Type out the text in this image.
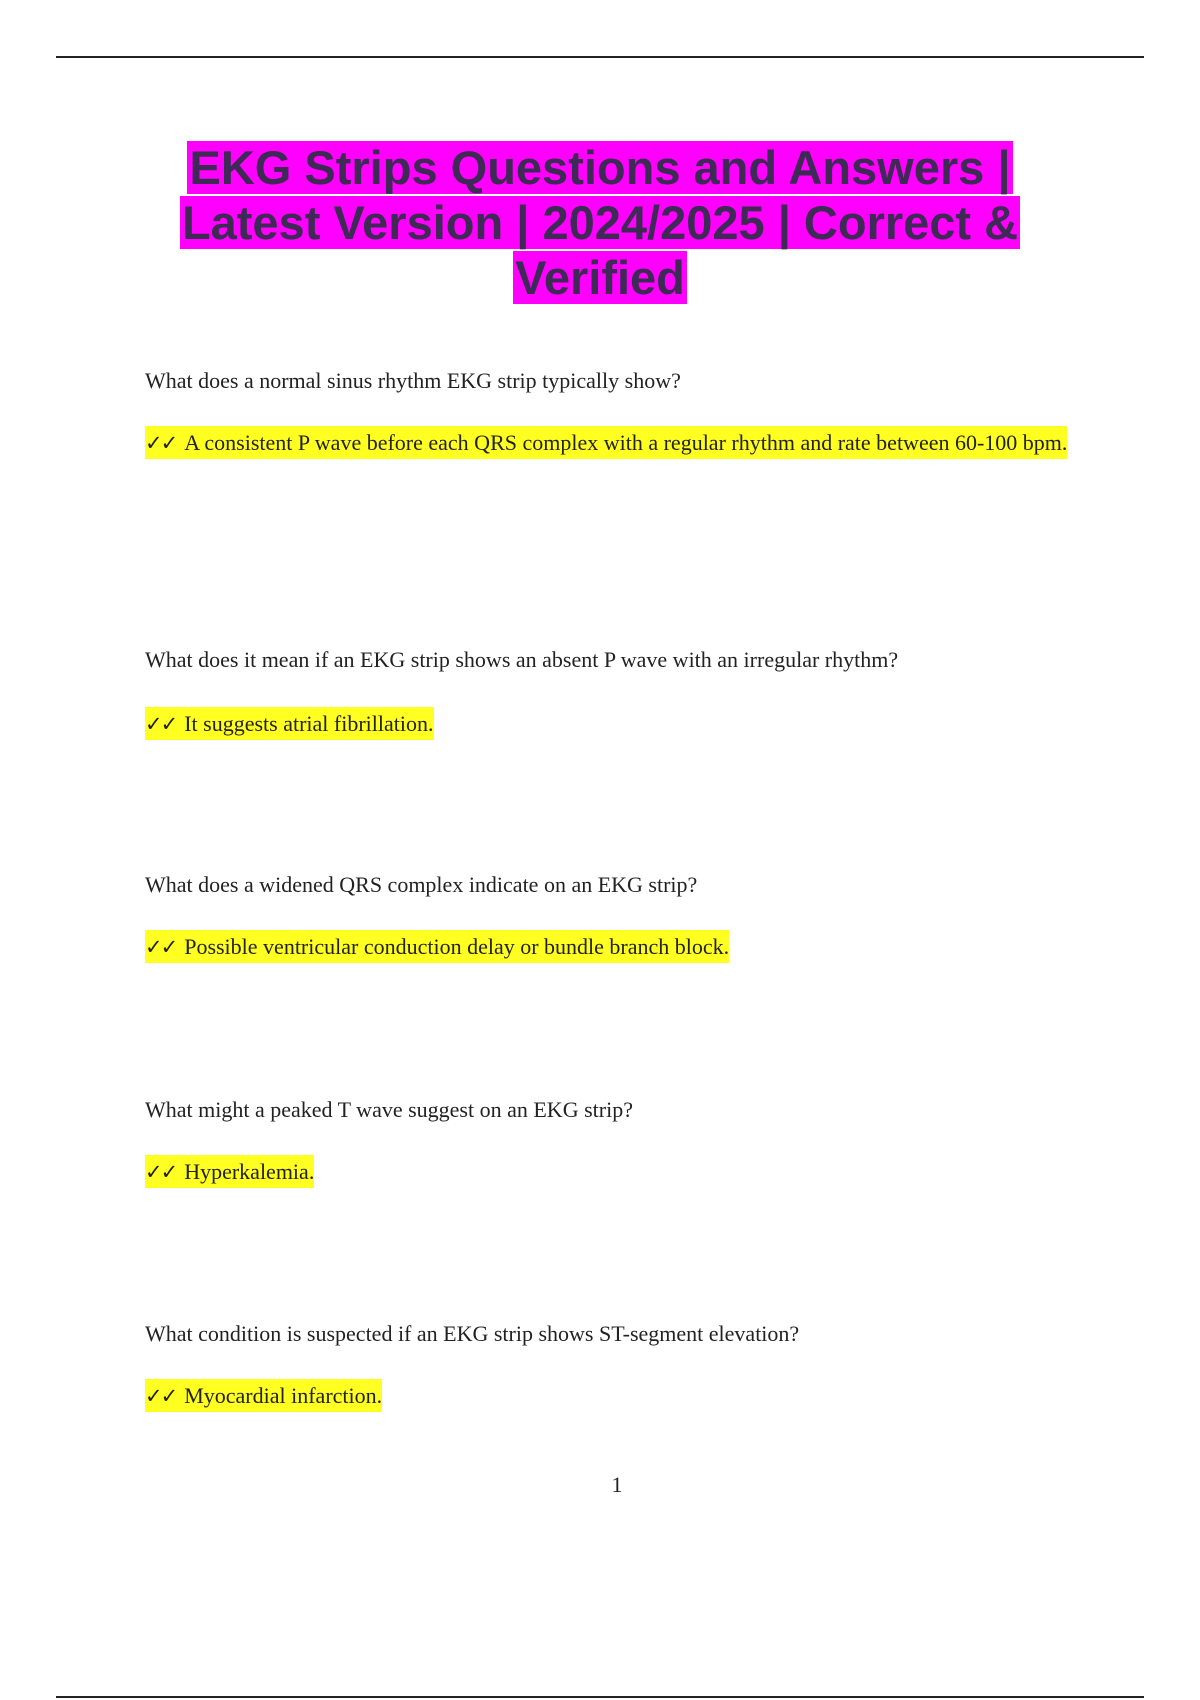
EKG Strips Questions and Answers | Latest Version | 2024/2025 | Correct & Verified

What does a normal sinus rhythm EKG strip typically show?

✓✓ A consistent P wave before each QRS complex with a regular rhythm and rate between 60-100 bpm.

What does it mean if an EKG strip shows an absent P wave with an irregular rhythm?

✓✓ It suggests atrial fibrillation.

What does a widened QRS complex indicate on an EKG strip?

✓✓ Possible ventricular conduction delay or bundle branch block.

What might a peaked T wave suggest on an EKG strip?

✓✓ Hyperkalemia.

What condition is suspected if an EKG strip shows ST-segment elevation?

✓✓ Myocardial infarction.

1
